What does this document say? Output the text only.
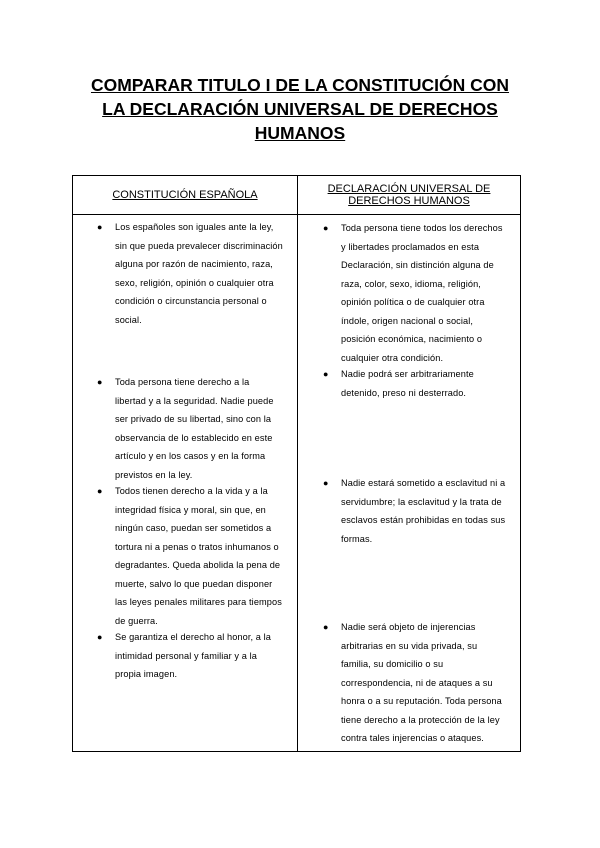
COMPARAR TITULO I DE LA CONSTITUCIÓN CON
LA DECLARACIÓN UNIVERSAL DE DERECHOS
HUMANOS
CONSTITUCIÓN ESPAÑOLA
DECLARACIÓN UNIVERSAL DE
DERECHOS HUMANOS
● Los españoles son iguales ante la ley,
sin que pueda prevalecer discriminación
alguna por razón de nacimiento, raza,
sexo, religión, opinión o cualquier otra
condición o circunstancia personal o
social.
● Toda persona tiene derecho a la
libertad y a la seguridad. Nadie puede
ser privado de su libertad, sino con la
observancia de lo establecido en este
artículo y en los casos y en la forma
previstos en la ley.
● Todos tienen derecho a la vida y a la
integridad física y moral, sin que, en
ningún caso, puedan ser sometidos a
tortura ni a penas o tratos inhumanos o
degradantes. Queda abolida la pena de
muerte, salvo lo que puedan disponer
las leyes penales militares para tiempos
de guerra.
● Se garantiza el derecho al honor, a la
intimidad personal y familiar y a la
propia imagen.
● Toda persona tiene todos los derechos
y libertades proclamados en esta
Declaración, sin distinción alguna de
raza, color, sexo, idioma, religión,
opinión política o de cualquier otra
índole, origen nacional o social,
posición económica, nacimiento o
cualquier otra condición.
● Nadie podrá ser arbitrariamente
detenido, preso ni desterrado.
● Nadie estará sometido a esclavitud ni a
servidumbre; la esclavitud y la trata de
esclavos están prohibidas en todas sus
formas.
● Nadie será objeto de injerencias
arbitrarias en su vida privada, su
familia, su domicilio o su
correspondencia, ni de ataques a su
honra o a su reputación. Toda persona
tiene derecho a la protección de la ley
contra tales injerencias o ataques.
